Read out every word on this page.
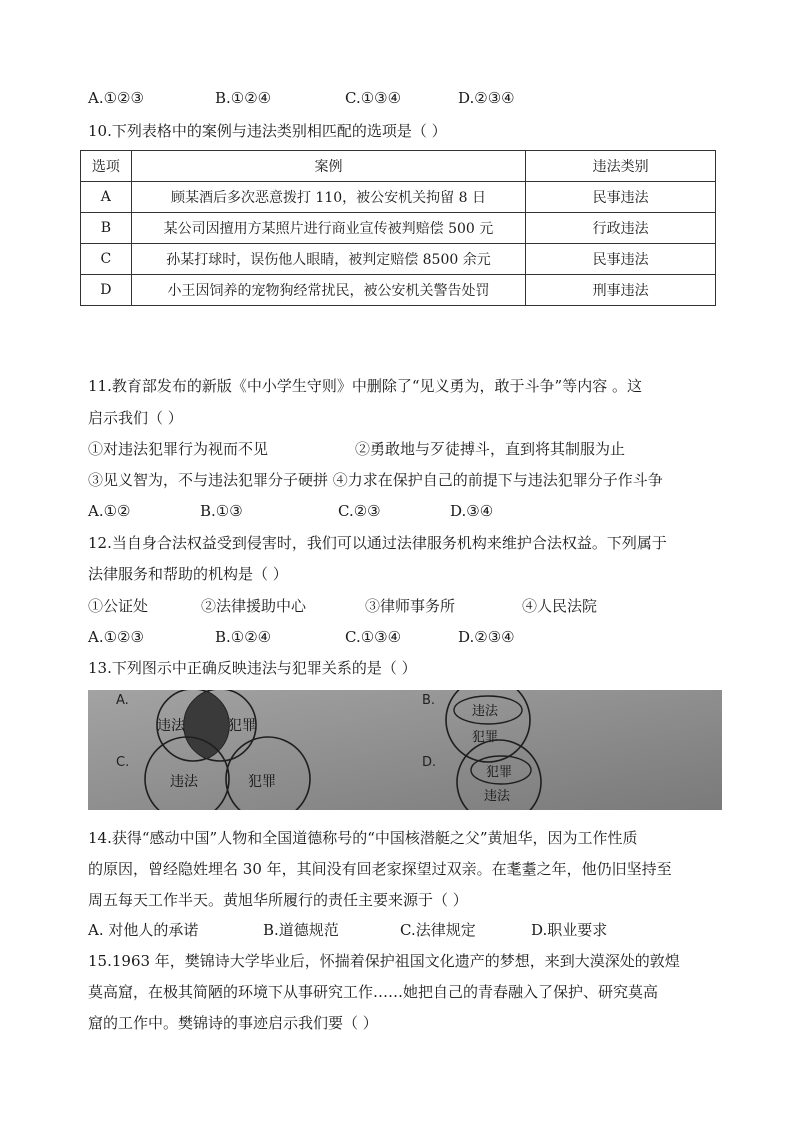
A.①②③	B.①②④	C.①③④	D.②③④
10.下列表格中的案例与违法类别相匹配的选项是（ ）
选项	案例	违法类别
A	顾某酒后多次恶意拨打 110，被公安机关拘留 8 日	民事违法
B	某公司因擅用方某照片进行商业宣传被判赔偿 500 元	行政违法
C	孙某打球时，误伤他人眼睛，被判定赔偿 8500 余元	民事违法
D	小王因饲养的宠物狗经常扰民，被公安机关警告处罚	刑事违法
11.教育部发布的新版《中小学生守则》中删除了“见义勇为，敢于斗争”等内容 。这
启示我们（ ）
①对违法犯罪行为视而不见	②勇敢地与歹徒搏斗，直到将其制服为止
③见义智为，不与违法犯罪分子硬拼 ④力求在保护自己的前提下与违法犯罪分子作斗争
A.①②	B.①③	C.②③	D.③④
12.当自身合法权益受到侵害时，我们可以通过法律服务机构来维护合法权益。下列属于
法律服务和帮助的机构是（ ）
①公证处	②法律援助中心	③律师事务所	④人民法院
A.①②③	B.①②④	C.①③④	D.②③④
13.下列图示中正确反映违法与犯罪关系的是（ ）
A.
违法	犯罪
B.
违法
犯罪
C.
违法	犯罪
D.
犯罪
违法
14.获得“感动中国”人物和全国道德称号的“中国核潜艇之父”黄旭华，因为工作性质
的原因，曾经隐姓埋名 30 年，其间没有回老家探望过双亲。在耄耋之年，他仍旧坚持至
周五每天工作半天。黄旭华所履行的责任主要来源于（ ）
A. 对他人的承诺	B.道德规范	C.法律规定	D.职业要求
15.1963 年，樊锦诗大学毕业后，怀揣着保护祖国文化遗产的梦想，来到大漠深处的敦煌
莫高窟，在极其简陋的环境下从事研究工作……她把自己的青春融入了保护、研究莫高
窟的工作中。樊锦诗的事迹启示我们要（ ）
